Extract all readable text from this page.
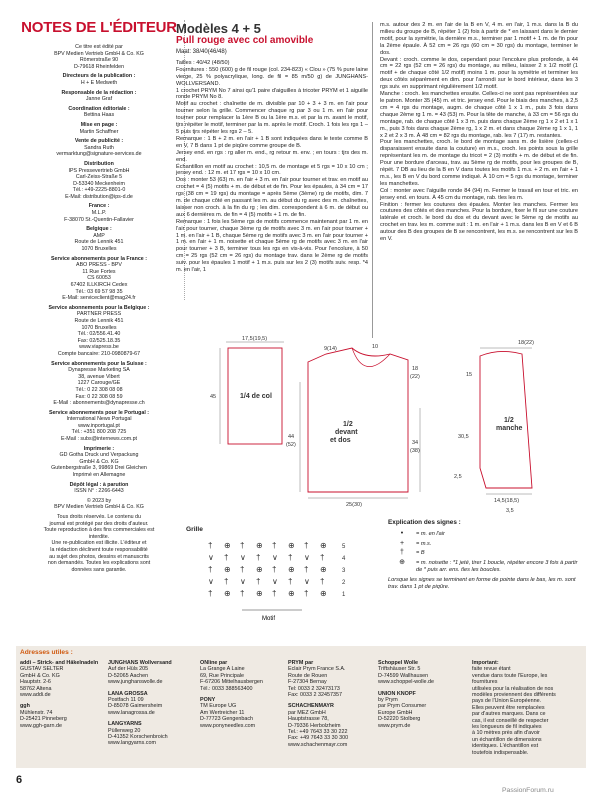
NOTES DE L'ÉDITEUR
Ce titre est édité par
BPV Medien Vertrieb GmbH & Co. KG
Römerstraße 90
D-79618 Rheinfelden
Directeurs de la publication :
H + E Medweth
Responsable de la rédaction :
Janne Graf
Coordination éditoriale :
Bettina Haas
Mise en page :
Martin Schaffner
Vente de publicité :
Sandra Ruth
vermarktung@signature-services.de
Distribution
IPS Pressevertrieb GmbH
Carl-Zeiss-Straße 5
D-53340 Meckenheim
Tél.: +49-2225-8801-0
E-Mail: distribution@ips-d.de
France :
M.L.P.
F-38070 St.-Quentin-Fallavier
Belgique :
AMP
Route de Lennik 451
1070 Bruxelles
Service abonnements pour la France :
ABO PRESS - BPV
11 Rue Fortes
CS 60053
67402 ILLKIRCH Cedex
Tél.: 03 69 57 98 35
E-Mail: serviceclient@mag24.fr
Service abonnements pour la Belgique :
PARTNER PRESS
Route de Lennik 451
1070 Bruxelles
Tél.: 02/556.41.40
Fax: 02/525.18.35
www.viapress.be
Compte bancaire: 210-0980879-67
Service abonnements pour la Suisse :
Dynapresse Marketing SA
38, avenue Vibert
1227 Carouge/GE
Tél.: 0 22 308 08 08
Fax: 0 22 308 08 59
E-Mail : abonnements@dynapresse.ch
Service abonnements pour le Portugal :
International News Portugal
www.inportugal.pt
Tél.: +351 800 208 725
E-Mail : subs@internews.com.pt
Imprimerie :
GD Gotha Druck und Verpackung
GmbH & Co. KG
Gutenbergstraße 3, 99869 Drei Gleichen
Imprimé en Allemagne
Dépôt légal : à parution
ISSN N° : 2266-6443
© 2023 by
BPV Medien Vertrieb GmbH & Co. KG
Tous droits réservés. Le contenu du
journal est protégé par des droits d'auteur.
Toute reproduction à des fins commerciales est
interdite.
Une re-publication est illicite. L'éditeur et
la rédaction déclinent toute responsabilité
au sujet des photos, dessins et manuscrits
non demandés. Toutes les explications sont
données sans garantie.
Modèles 4 + 5
Pull rouge avec col amovible
Maat: 38/40(46/48)
Tailles : 40/42 (48/50)
Fournitures : 550 (600) g de fil rouge (col. 234-823) « Clou » (75 % pure laine vierge, 25 % polyacrylique, long. de fil = 85 m/50 g) de JUNGHANS-WOLLVERSAND.
1 crochet PRYM No 7 ainsi qu'1 paire d'aiguilles à tricoter PRYM et 1 aiguille ronde PRYM No 8.
Motif au crochet : chaînette de m. divisible par 10 + 3 + 3 m. en l'air pour tourner selon la grille. Commencer chaque rg par 3 ou 1 m. en l'air pour tourner pour remplacer la 1ère B ou la 1ère m.s. et par la m. avant le motif, tjrs répéter le motif, terminer par la m. après le motif. Croch. 1 fois les rgs 1 – 5 puis tjrs répéter les rgs 2 – 5.
Remarque : 1 B + 2 m. en l'air + 1 B sont indiquées dans le texte comme B en V, 7 B dans 1 pt de piqûre comme groupe de B.
Jersey end. en rgs : rg aller m. end., rg retour m. env. ; en tours : tjrs des m. end.
Échantillon en motif au crochet : 10,5 m. de montage et 5 rgs = 10 x 10 cm ; jersey end. : 12 m. et 17 rgs = 10 x 10 cm.
Dos : monter 53 (63) m. en l'air + 3 m. en l'air pour tourner et trav. en motif au crochet = 4 (5) motifs + m. de début et de fin. Pour les épaules, à 34 cm = 17 rgs (38 cm = 19 rgs) du montage = après 5ème (3ème) rg de motifs, dim. 7 m. de chaque côté en passant les m. au début du rg avec des m. chaînettes, laisser non croch. à la fin du rg ; les dim. correspondent à 6 m. de début ou aux 6 dernières m. de fin = 4 (5) motifs + 1 m. de fin.
Remarque : 1 fois les 5ème rgs de motifs commence maintenant par 1 m. en l'air pour tourner, chaque 3ème rg de motifs avec 3 m. en l'air pour tourner + 1 m. en l'air + 1 B, chaque 5ème rg de motifs avec 3 m. en l'air pour tourner + 1 m. en l'air + 1 m. noisette et chaque 5ème rg de motifs avec 3 m. en l'air pour tourner + 3 B, terminer tous les rgs en vis-à-vis. Pour l'encolure, à 50 cm = 25 rgs (52 cm = 26 rgs) du montage trav. dans le 2ème rg de motifs suiv. pour les épaules 1 motif + 1 m.s. puis sur les 2 (3) motifs suiv. resp. *4 m. en l'air, 1
m.s. autour des 2 m. en l'air de la B en V, 4 m. en l'air, 1 m.s. dans la B du milieu du groupe de B, répéter 1 (2) fois à partir de * en laissant dans le dernier motif, pour la symétrie, la dernière m.s., terminer par 1 motif + 1 m. de fin pour la 2ème épaule. À 52 cm = 26 rgs (60 cm = 30 rgs) du montage, terminer le dos.
Devant : croch. comme le dos, cependant pour l'encolure plus profonde, à 44 cm = 22 rgs (52 cm = 26 rgs) du montage, au milieu, laisser 2 x 1/2 motif (1 motif + de chaque côté 1/2 motif) moins 1 m. pour la symétrie et terminer les deux côtés séparément en dim. pour l'arrondi sur le bord intérieur, dans les 3 rgs suiv. en supprimant régulièrement 1/2 motif.
Manche : croch. les manchettes ensuite. Celles-ci ne sont pas représentées sur le patron. Monter 35 (45) m. et tric. jersey end. Pour le biais des manches, à 2,5 cm = 4 rgs du montage, augm. de chaque côté 1 x 1 m., puis 3 fois dans chaque 2ème rg 1 m. = 43 (53) m. Pour la tête de manche, à 33 cm = 56 rgs du montage, rab. de chaque côté 1 x 3 m. puis dans chaque 2ème rg 1 x 2 et 1 x 1 m., puis 3 fois dans chaque 2ème rg, 1 x 2 m. et dans chaque 2ème rg 1 x 1, 1 x 2 et 2 x 3 m. À 48 cm = 82 rgs du montage, rab. les 7 (17) m. restantes.
Pour les manchettes, croch. le bord de montage sans m. de lisière (celles-ci disparaissent ensuite dans la couture) en m.s., croch. les points sous la grille représentant les m. de montage du tricot = 2 (3) motifs + m. de début et de fin. Pour une bordure d'arceau, trav. au 5ème rg de motifs, pour les groupes de B, répét. 7 DB au lieu de la B en V dans toutes les motifs 1 m.s. + 2 m. en l'air + 1 m.s., les B en V du bord comme indiqué. À 10 cm = 5 rgs du montage, terminer les manchettes.
Col : monter avec l'aiguille ronde 84 (94) m. Fermer le travail en tour et tric. en jersey end. en tours. À 45 cm du montage, rab. tles les m.
Finition : fermer les coutures des épaules. Monter les manches. Fermer les coutures des côtés et des manches. Pour la bordure, fixer le fil sur une couture latérale et croch. le bord du dos et du devant avec le 5ème rg de motifs au crochet en trav. les m. comme suit : 1 m. en l'air + 1 m.s. dans les B en V et 6 B autour des B des groupes de B se rencontrent, les m.s. se rencontrent sur les B en V.
17,5(19,5)
45	1/4 de col
25(30)
9(14)	10
18
(22)
44
(52)	34
(38)
1/2 devant et dos
18(22)
15
30,5
2,5
14,5(18,5)
3,5
1/2 manche
Grille
† ⊕ † ⊕ † ⊕ † ⊕	5
∨ † ∨ † ∨ † ∨ †	4
† ⊕ † ⊕ † ⊕ † ⊕	3
∨ † ∨ † ∨ † ∨ †	2
† ⊕ † ⊕ † ⊕ † ⊕	1
Motif
Explication des signes :
•	= m. en l'air
+	= m.s.
†	= B
⊕	= m. noisette : *1 jeté, tirer 1 boucle, répéter encore 3 fois à partir de * puis arr. ens. tles les boucles.
Lorsque les signes se terminent en forme de pointe dans le bas, les m. sont trav. dans 1 pt de piqûre.
Adresses utiles :
addi – Strick- and Häkelnadeln
GUSTAV SELTER
GmbH & Co. KG
Hauptstr. 2-6
58762 Altena
www.addi.de
ggh
Mühlenstr. 74
D-25421 Pinneberg
www.ggh-garn.de
JUNGHANS Wollversand
Auf der Hüls 205
D-52065 Aachen
www.junghanswolle.de
LANA GROSSA
Postfach 11 09
D-85078 Gaimersheim
www.lanagrossa.de
LANGYARNS
Püllenweg 20
D-41352 Korschenbroich
www.langyarns.com
ONline par
La Grange A Laine
69, Rue Principale
F-67206 Mittelhausbergen
Tél.: 0033 388563400
PONY
TM Europe UG
Am Wertreicher 11
D-77723 Gengenbach
www.ponyneedles.com
PRYM par
Eclair Prym France S.A.
Route de Rouen
F-27304 Bernay
Tel: 0033 2 32473173
Fax: 0033 2 32457357
SCHACHENMAYR
par MEZ GmbH
Hauptstrasse 78,
D-79336 Herbolzheim
Tel.: +49 7643 33 30 222
Fax: +49 7643 33 30 300
www.schachenmayr.com
Schoppel Wolle
Triftshäuser Str. 5
D-74599 Wallhausen
www.schoppel-wolle.de
UNION KNOPF
by Prym
par Prym Consumer
Europe GmbH
D-52220 Stolberg
www.prym.de
Important:
faite revue étant
vendue dans toute l'Europe, les
fournitures
utilisées pour la réalisation de nos
modèles proviennent des différents
pays de l'Union Européenne.
Elles peuvent être remplacées
par d'autres marques. Dans ce
cas, il est conseillé de respecter
les longueurs de fil indiquées
à 10 mètres près afin d'avoir
un échantillon de dimensions
identiques. L'échantillon est
toutefois indispensable.
6
PassionForum.ru
